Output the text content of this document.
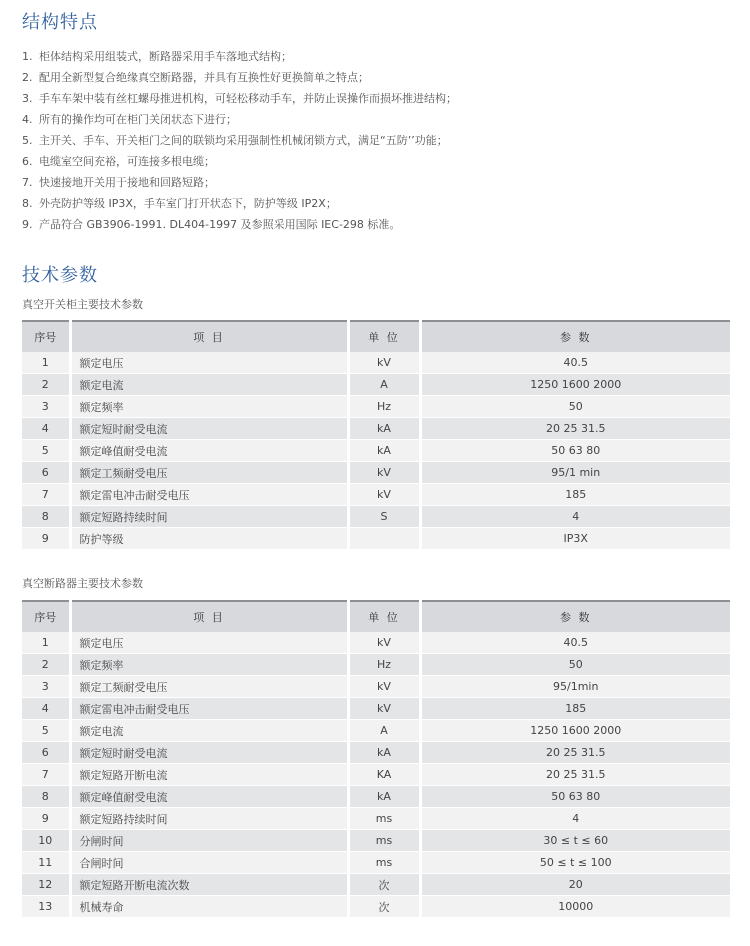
结构特点
1. 柜体结构采用组装式，断路器采用手车落地式结构；
2. 配用全新型复合绝缘真空断路器，并具有互换性好更换简单之特点；
3. 手车车架中装有丝杠螺母推进机构，可轻松移动手车，并防止误操作而损坏推进结构；
4. 所有的操作均可在柜门关闭状态下进行；
5. 主开关、手车、开关柜门之间的联锁均采用强制性机械闭锁方式，满足“五防’’功能；
6. 电缆室空间充裕，可连接多根电缆；
7. 快速接地开关用于接地和回路短路；
8. 外壳防护等级 IP3X，手车室门打开状态下，防护等级 IP2X；
9. 产品符合 GB3906-1991. DL404-1997 及参照采用国际 IEC-298 标准。
技术参数

真空开关柜主要技术参数

序号	项 目	单 位	参 数
1	额定电压	kV	40.5
2	额定电流	A	1250 1600 2000
3	额定频率	Hz	50
4	额定短时耐受电流	kA	20 25 31.5
5	额定峰值耐受电流	kA	50 63 80
6	额定工频耐受电压	kV	95/1 min
7	额定雷电冲击耐受电压	kV	185
8	额定短路持续时间	S	4
9	防护等级		IP3X

真空断路器主要技术参数

序号	项 目	单 位	参 数
1	额定电压	kV	40.5
2	额定频率	Hz	50
3	额定工频耐受电压	kV	95/1min
4	额定雷电冲击耐受电压	kV	185
5	额定电流	A	1250 1600 2000
6	额定短时耐受电流	kA	20 25 31.5
7	额定短路开断电流	KA	20 25 31.5
8	额定峰值耐受电流	kA	50 63 80
9	额定短路持续时间	ms	4
10	分闸时间	ms	30 ≤ t ≤ 60
11	合闸时间	ms	50 ≤ t ≤ 100
12	额定短路开断电流次数	次	20
13	机械寿命	次	10000
